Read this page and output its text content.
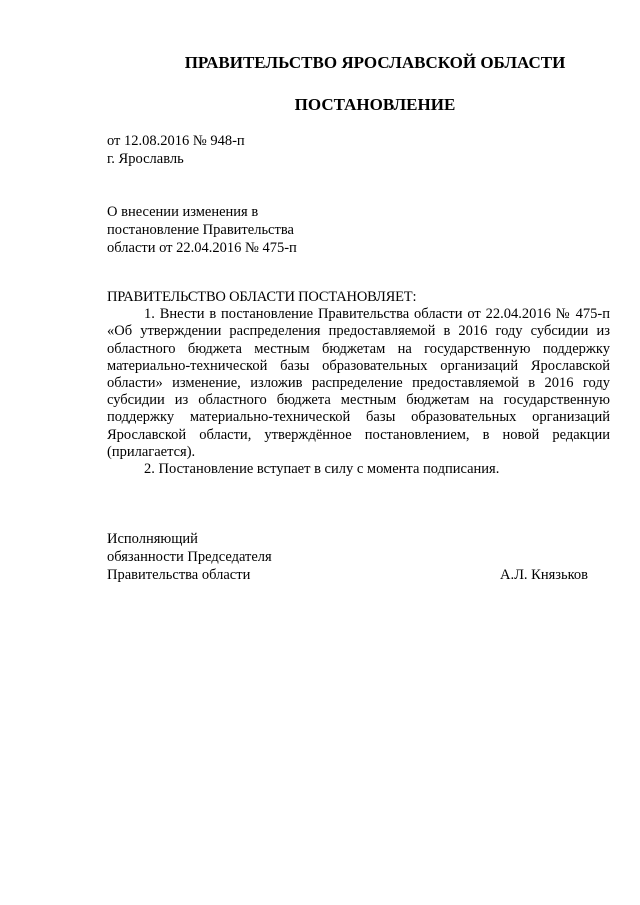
ПРАВИТЕЛЬСТВО ЯРОСЛАВСКОЙ ОБЛАСТИ
ПОСТАНОВЛЕНИЕ
от 12.08.2016 № 948-п
г. Ярославль
О внесении изменения в
постановление Правительства
области от 22.04.2016 № 475-п

ПРАВИТЕЛЬСТВО ОБЛАСТИ ПОСТАНОВЛЯЕТ:

1. Внести в постановление Правительства области от 22.04.2016 № 475-п «Об утверждении распределения предоставляемой в 2016 году субсидии из областного бюджета местным бюджетам на государственную поддержку материально-технической базы образовательных организаций Ярославской области» изменение, изложив распределение предоставляемой в 2016 году субсидии из областного бюджета местным бюджетам на государственную поддержку материально-технической базы образовательных организаций Ярославской области, утверждённое постановлением, в новой редакции (прилагается).

2. Постановление вступает в силу с момента подписания.

Исполняющий
обязанности Председателя
Правительства области	А.Л. Князьков
